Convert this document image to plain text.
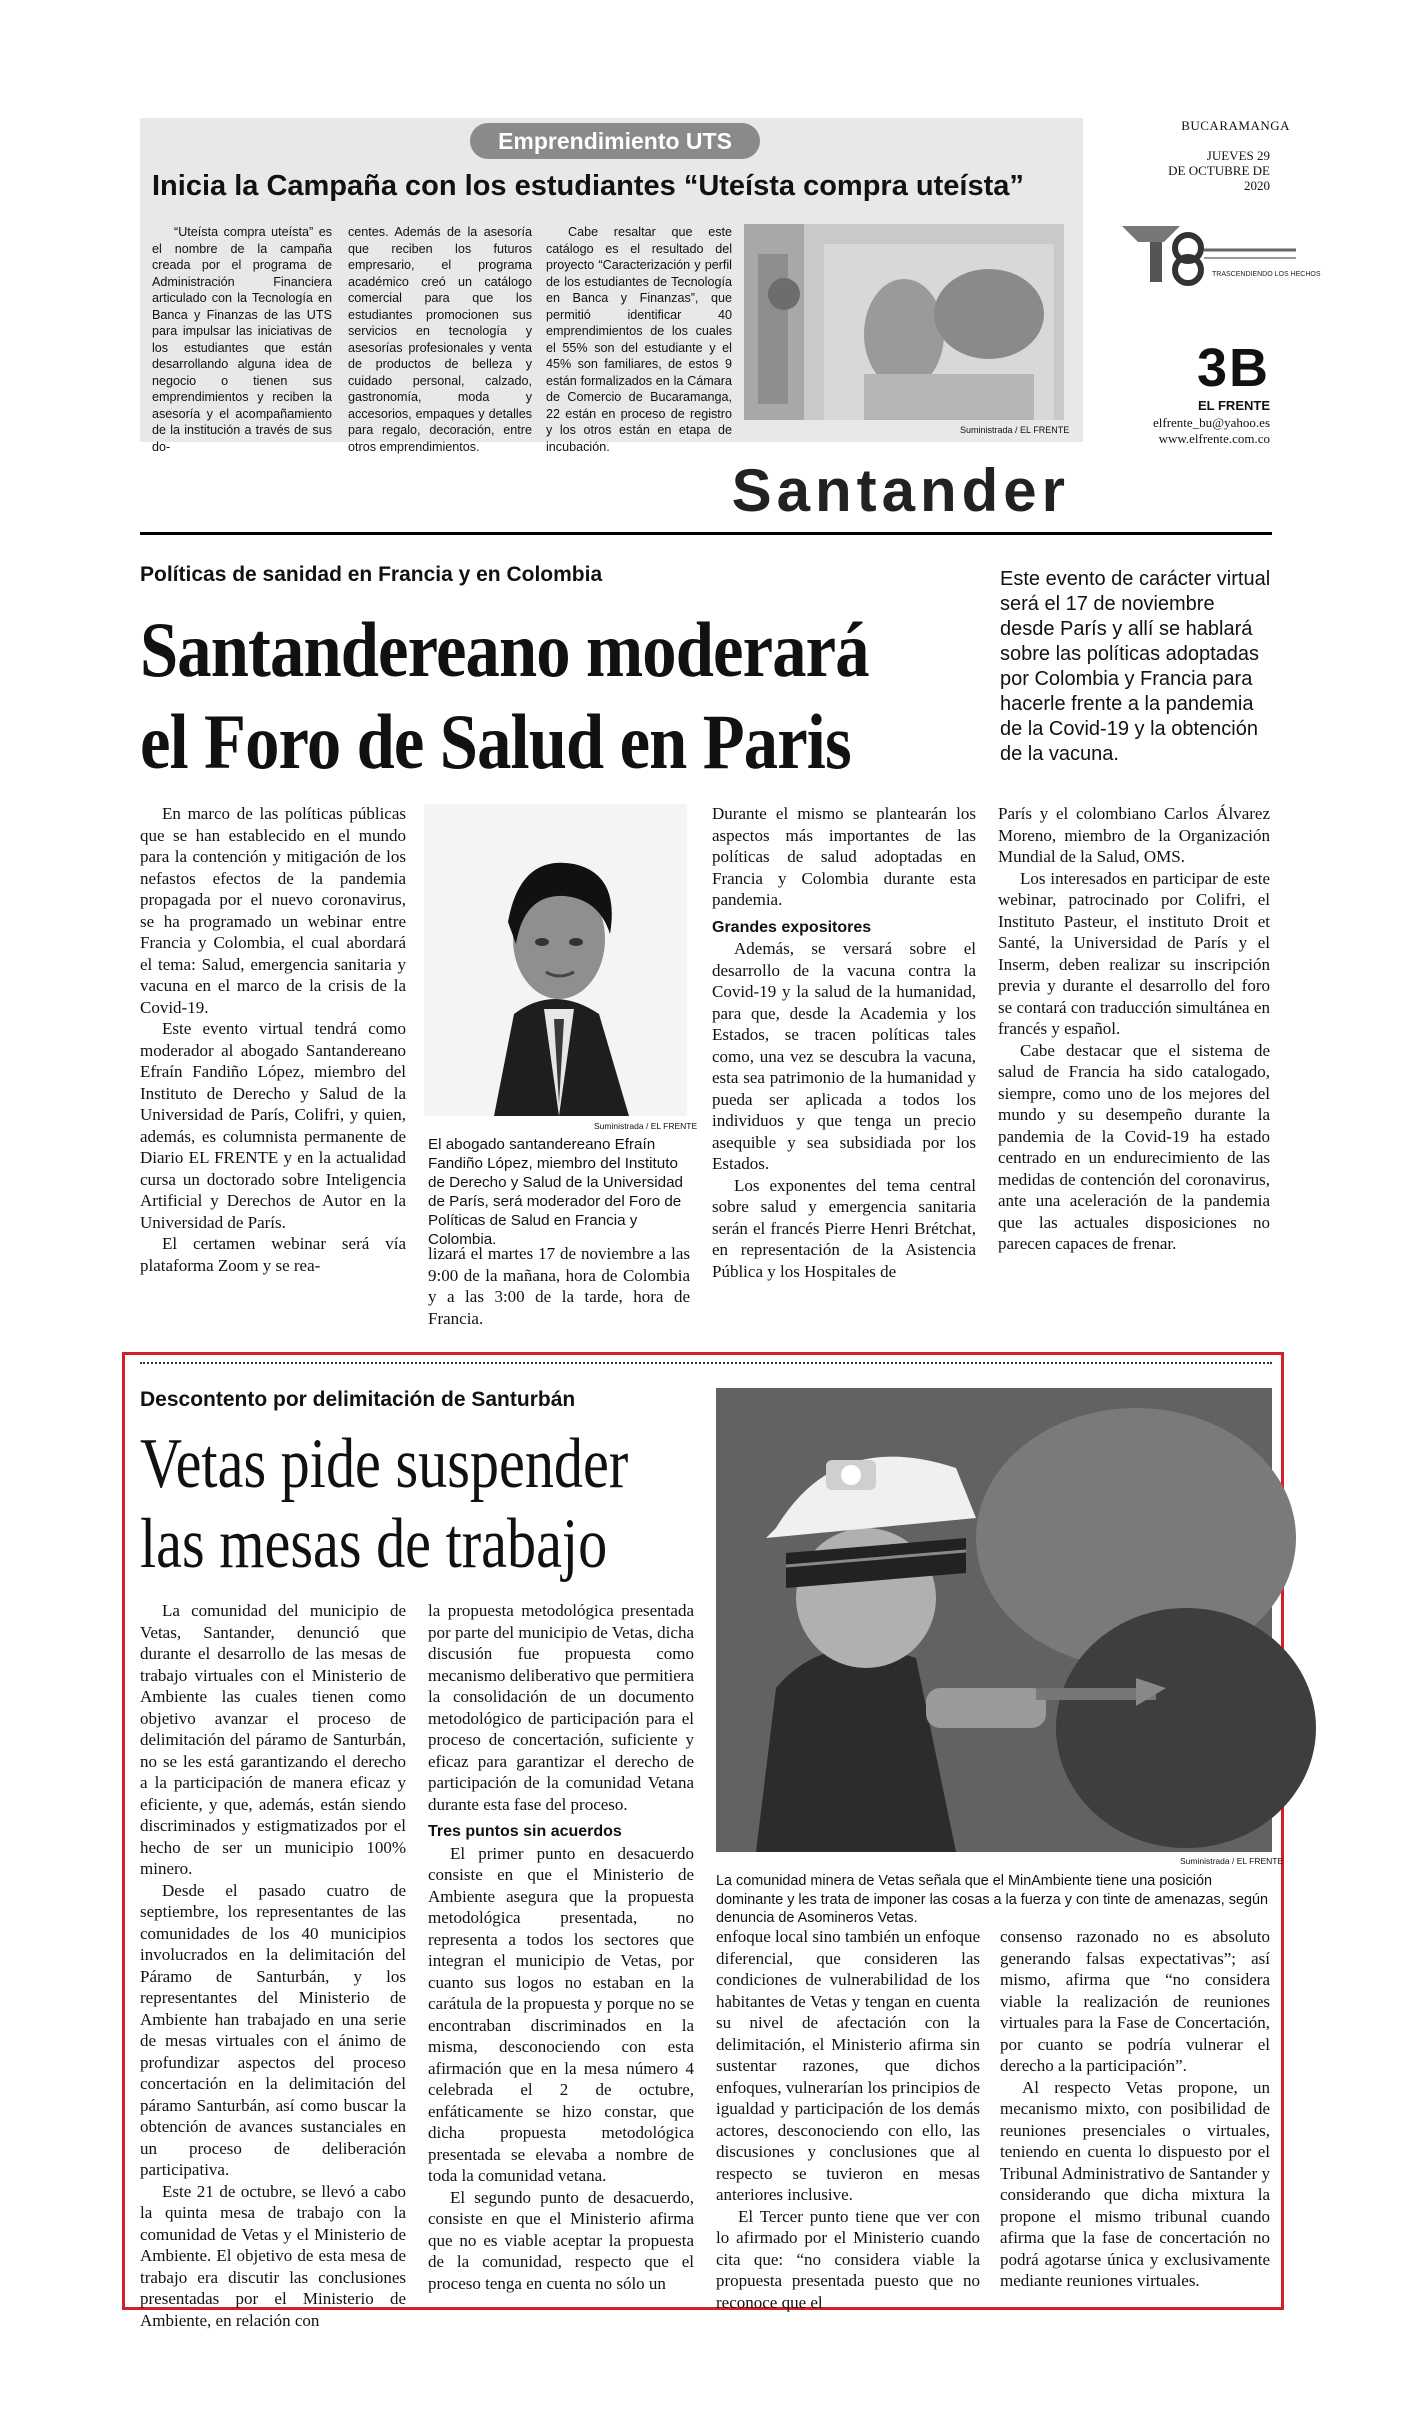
Emprendimiento UTS
Inicia la Campaña con los estudiantes “Uteísta compra uteísta”

“Uteísta compra uteísta” es el nombre de la campaña creada por el programa de Administración Financiera articulado con la Tecnología en Banca y Finanzas de las UTS para impulsar las iniciativas de los estudiantes que están desarrollando alguna idea de negocio o tienen sus emprendimientos y reciben la asesoría y el acompañamiento de la institución a través de sus do-

centes. Además de la asesoría que reciben los futuros empresario, el programa académico creó un catálogo comercial para que los estudiantes promocionen sus servicios en tecnología y asesorías profesionales y venta de productos de belleza y cuidado personal, calzado, gastronomía, moda y accesorios, empaques y detalles para regalo, decoración, entre otros emprendimientos.

Cabe resaltar que este catálogo es el resultado del proyecto “Caracterización y perfil de los estudiantes de Tecnología en Banca y Finanzas”, que permitió identificar 40 emprendimientos de los cuales el 55% son del estudiante y el 45% son familiares, de estos 9 están formalizados en la Cámara de Comercio de Bucaramanga, 22 están en proceso de registro y los otros están en etapa de incubación.

Suministrada / EL FRENTE
BUCARAMANGA
JUEVES 29
DE OCTUBRE DE 2020
TRASCENDIENDO LOS HECHOS
3B
EL FRENTE
elfrente_bu@yahoo.es
www.elfrente.com.co
Santander
Políticas de sanidad en Francia y en Colombia
Santandereano moderará
el Foro de Salud en Paris
Este evento de carácter virtual será el 17 de noviembre desde París y allí se hablará sobre las políticas adoptadas por Colombia y Francia para hacerle frente a la pandemia de la Covid-19 y la obtención de la vacuna.

En marco de las políticas públicas que se han establecido en el mundo para la contención y mitigación de los nefastos efectos de la pandemia propagada por el nuevo coronavirus, se ha programado un webinar entre Francia y Colombia, el cual abordará el tema: Salud, emergencia sanitaria y vacuna en el marco de la crisis de la Covid-19.

Este evento virtual tendrá como moderador al abogado Santandereano Efraín Fandiño López, miembro del Instituto de Derecho y Salud de la Universidad de París, Colifri, y quien, además, es columnista permanente de Diario EL FRENTE y en la actualidad cursa un doctorado sobre Inteligencia Artificial y Derechos de Autor en la Universidad de París.

El certamen webinar será vía plataforma Zoom y se rea-

Suministrada / EL FRENTE
El abogado santandereano Efraín Fandiño López, miembro del Instituto de Derecho y Salud de la Universidad de París, será moderador del Foro de Políticas de Salud en Francia y Colombia.

lizará el martes 17 de noviembre a las 9:00 de la mañana, hora de Colombia y a las 3:00 de la tarde, hora de Francia.

Durante el mismo se plantearán los aspectos más importantes de las políticas de salud adoptadas en Francia y Colombia durante esta pandemia.

Grandes expositores

Además, se versará sobre el desarrollo de la vacuna contra la Covid-19 y la salud de la humanidad, para que, desde la Academia y los Estados, se tracen políticas tales como, una vez se descubra la vacuna, esta sea patrimonio de la humanidad y pueda ser aplicada a todos los individuos y que tenga un precio asequible y sea subsidiada por los Estados.

Los exponentes del tema central sobre salud y emergencia sanitaria serán el francés Pierre Henri Brétchat, en representación de la Asistencia Pública y los Hospitales de

París y el colombiano Carlos Álvarez Moreno, miembro de la Organización Mundial de la Salud, OMS.

Los interesados en participar de este webinar, patrocinado por Colifri, el Instituto Pasteur, el instituto Droit et Santé, la Universidad de París y el Inserm, deben realizar su inscripción previa y durante el desarrollo del foro se contará con traducción simultánea en francés y español.

Cabe destacar que el sistema de salud de Francia ha sido catalogado, siempre, como uno de los mejores del mundo y su desempeño durante la pandemia de la Covid-19 ha estado centrado en un endurecimiento de las medidas de contención del coronavirus, ante una aceleración de la pandemia que las actuales disposiciones no parecen capaces de frenar.

Descontento por delimitación de Santurbán
Vetas pide suspender
las mesas de trabajo
Suministrada / EL FRENTE
La comunidad minera de Vetas señala que el MinAmbiente tiene una posición dominante y les trata de imponer las cosas a la fuerza y con tinte de amenazas, según denuncia de Asomineros Vetas.

La comunidad del municipio de Vetas, Santander, denunció que durante el desarrollo de las mesas de trabajo virtuales con el Ministerio de Ambiente las cuales tienen como objetivo avanzar el proceso de delimitación del páramo de Santurbán, no se les está garantizando el derecho a la participación de manera eficaz y eficiente, y que, además, están siendo discriminados y estigmatizados por el hecho de ser un municipio 100% minero.

Desde el pasado cuatro de septiembre, los representantes de las comunidades de los 40 municipios involucrados en la delimitación del Páramo de Santurbán, y los representantes del Ministerio de Ambiente han trabajado en una serie de mesas virtuales con el ánimo de profundizar aspectos del proceso concertación en la delimitación del páramo Santurbán, así como buscar la obtención de avances sustanciales en un proceso de deliberación participativa.

Este 21 de octubre, se llevó a cabo la quinta mesa de trabajo con la comunidad de Vetas y el Ministerio de Ambiente. El objetivo de esta mesa de trabajo era discutir las conclusiones presentadas por el Ministerio de Ambiente, en relación con

la propuesta metodológica presentada por parte del municipio de Vetas, dicha discusión fue propuesta como mecanismo deliberativo que permitiera la consolidación de un documento metodológico de participación para el proceso de concertación, suficiente y eficaz para garantizar el derecho de participación de la comunidad Vetana durante esta fase del proceso.

Tres puntos sin acuerdos

El primer punto en desacuerdo consiste en que el Ministerio de Ambiente asegura que la propuesta metodológica presentada, no representa a todos los sectores que integran el municipio de Vetas, por cuanto sus logos no estaban en la carátula de la propuesta y porque no se encontraban discriminados en la misma, desconociendo con esta afirmación que en la mesa número 4 celebrada el 2 de octubre, enfáticamente se hizo constar, que dicha propuesta metodológica presentada se elevaba a nombre de toda la comunidad vetana.

El segundo punto de desacuerdo, consiste en que el Ministerio afirma que no es viable aceptar la propuesta de la comunidad, respecto que el proceso tenga en cuenta no sólo un

enfoque local sino también un enfoque diferencial, que consideren las condiciones de vulnerabilidad de los habitantes de Vetas y tengan en cuenta su nivel de afectación con la delimitación, el Ministerio afirma sin sustentar razones, que dichos enfoques, vulnerarían los principios de igualdad y participación de los demás actores, desconociendo con ello, las discusiones y conclusiones que al respecto se tuvieron en mesas anteriores inclusive.

El Tercer punto tiene que ver con lo afirmado por el Ministerio cuando cita que: “no considera viable la propuesta presentada puesto que no reconoce que el

consenso razonado no es absoluto generando falsas expectativas”; así mismo, afirma que “no considera viable la realización de reuniones virtuales para la Fase de Concertación, por cuanto se podría vulnerar el derecho a la participación”.

Al respecto Vetas propone, un mecanismo mixto, con posibilidad de reuniones presenciales o virtuales, teniendo en cuenta lo dispuesto por el Tribunal Administrativo de Santander y considerando que dicha mixtura la propone el mismo tribunal cuando afirma que la fase de concertación no podrá agotarse única y exclusivamente mediante reuniones virtuales.
